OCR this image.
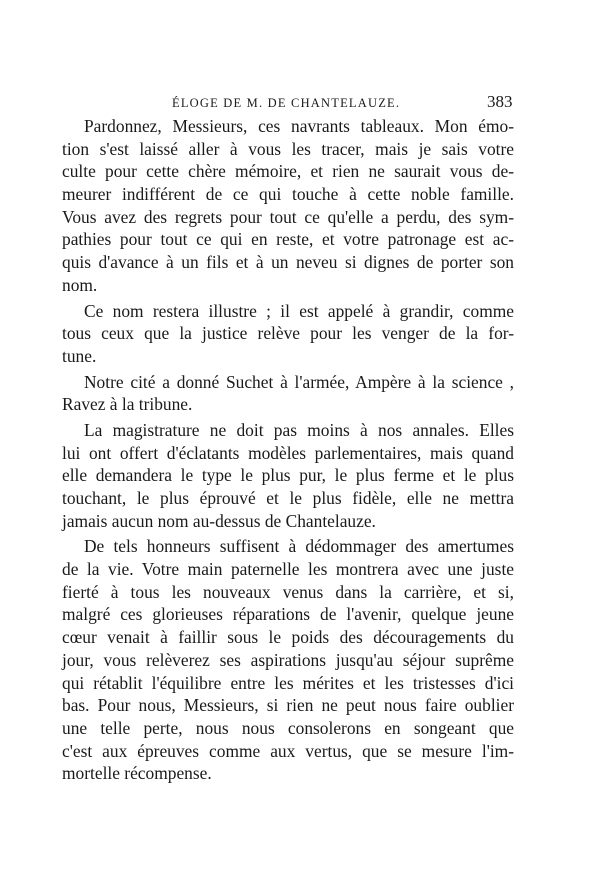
ÉLOGE DE M. DE CHANTELAUZE.	383
Pardonnez, Messieurs, ces navrants tableaux. Mon émo-
tion s'est laissé aller à vous les tracer, mais je sais votre
culte pour cette chère mémoire, et rien ne saurait vous de-
meurer indifférent de ce qui touche à cette noble famille.
Vous avez des regrets pour tout ce qu'elle a perdu, des sym-
pathies pour tout ce qui en reste, et votre patronage est ac-
quis d'avance à un fils et à un neveu si dignes de porter son
nom.
Ce nom restera illustre ; il est appelé à grandir, comme
tous ceux que la justice relève pour les venger de la for-
tune.
Notre cité a donné Suchet à l'armée, Ampère à la science ,
Ravez à la tribune.
La magistrature ne doit pas moins à nos annales. Elles
lui ont offert d'éclatants modèles parlementaires, mais quand
elle demandera le type le plus pur, le plus ferme et le plus
touchant, le plus éprouvé et le plus fidèle, elle ne mettra
jamais aucun nom au-dessus de Chantelauze.
De tels honneurs suffisent à dédommager des amertumes
de la vie. Votre main paternelle les montrera avec une juste
fierté à tous les nouveaux venus dans la carrière, et si,
malgré ces glorieuses réparations de l'avenir, quelque jeune
cœur venait à faillir sous le poids des découragements du
jour, vous relèverez ses aspirations jusqu'au séjour suprême
qui rétablit l'équilibre entre les mérites et les tristesses d'ici
bas. Pour nous, Messieurs, si rien ne peut nous faire oublier
une telle perte, nous nous consolerons en songeant que
c'est aux épreuves comme aux vertus, que se mesure l'im-
mortelle récompense.
